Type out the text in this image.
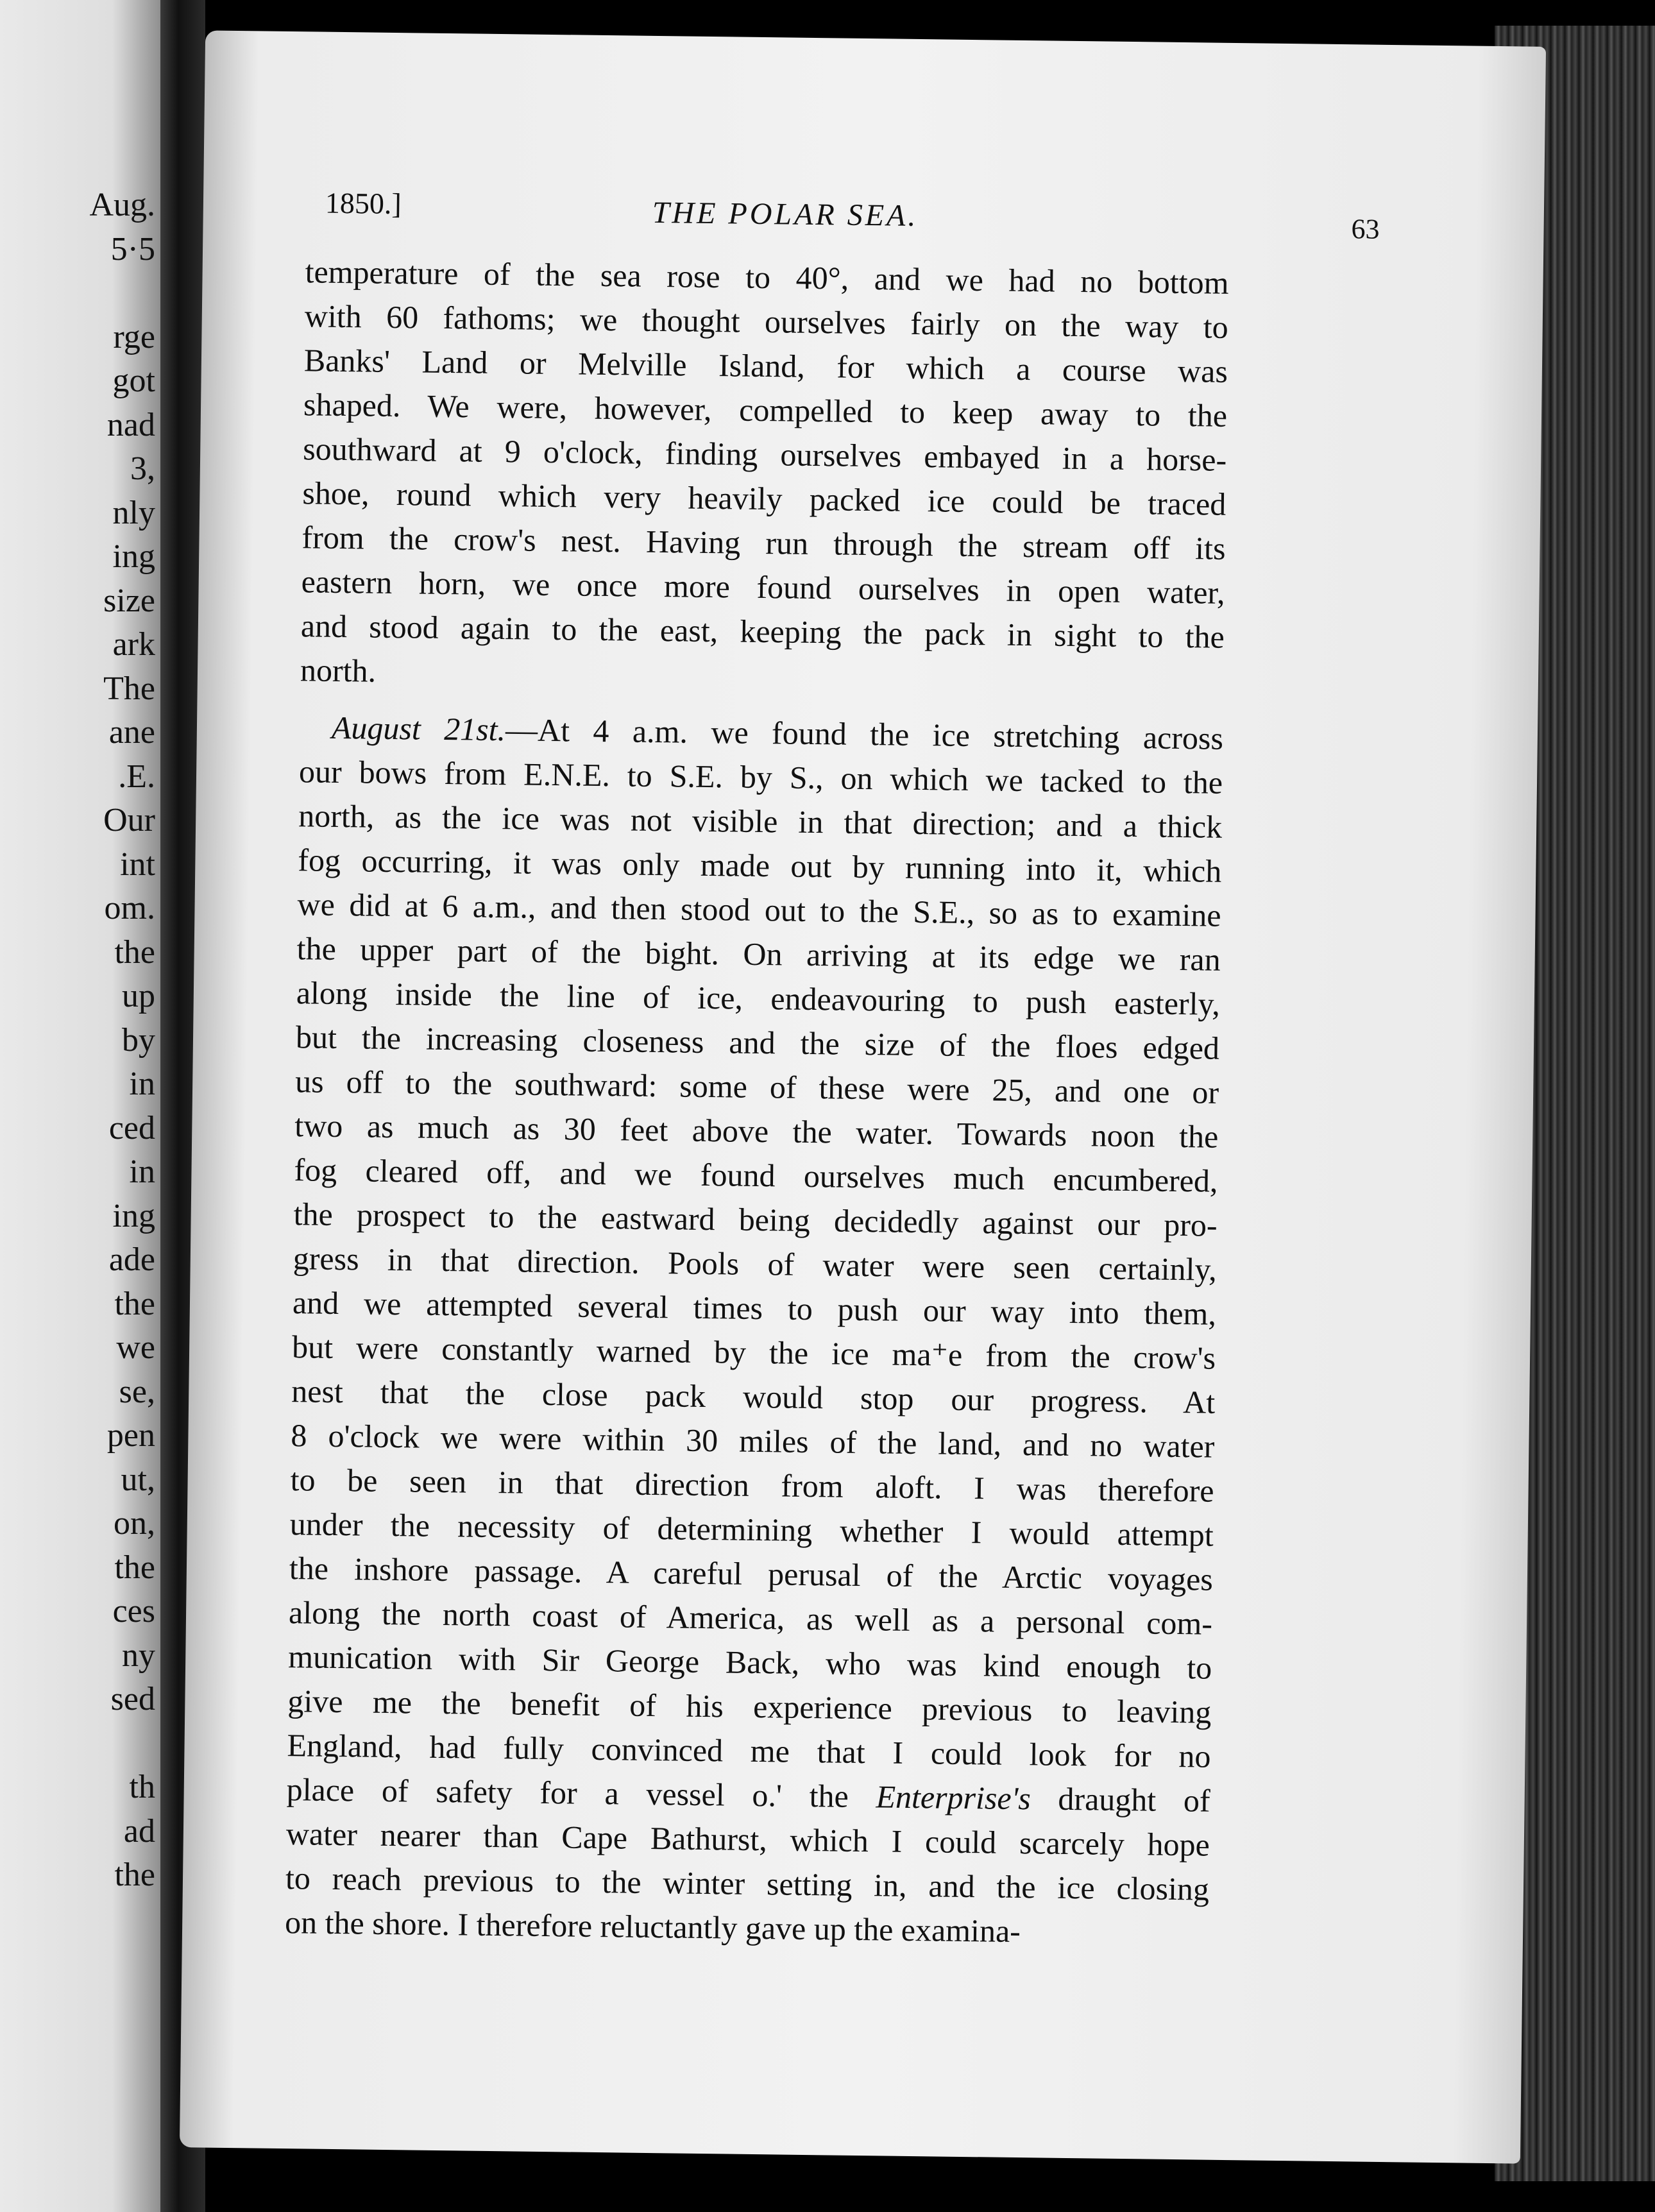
Aug.
5·5
rge
got
nad
3,
nly
ing
size
ark
The
ane
.E.
Our
int
om.
the
up
by
in
ced
in
ing
ade
the
we
se,
pen
ut,
on,
the
ces
ny
sed
th
ad
the
1850.]	THE POLAR SEA.	63
temperature of the sea rose to 40°, and we had no bottom
with 60 fathoms; we thought ourselves fairly on the way to
Banks' Land or Melville Island, for which a course was
shaped. We were, however, compelled to keep away to the
southward at 9 o'clock, finding ourselves embayed in a horse-
shoe, round which very heavily packed ice could be traced
from the crow's nest. Having run through the stream off its
eastern horn, we once more found ourselves in open water,
and stood again to the east, keeping the pack in sight to the
north.
August 21st.—At 4 a.m. we found the ice stretching across
our bows from E.N.E. to S.E. by S., on which we tacked to the
north, as the ice was not visible in that direction; and a thick
fog occurring, it was only made out by running into it, which
we did at 6 a.m., and then stood out to the S.E., so as to examine
the upper part of the bight. On arriving at its edge we ran
along inside the line of ice, endeavouring to push easterly,
but the increasing closeness and the size of the floes edged
us off to the southward: some of these were 25, and one or
two as much as 30 feet above the water. Towards noon the
fog cleared off, and we found ourselves much encumbered,
the prospect to the eastward being decidedly against our pro-
gress in that direction. Pools of water were seen certainly,
and we attempted several times to push our way into them,
but were constantly warned by the ice ma⁺e from the crow's
nest that the close pack would stop our progress. At
8 o'clock we were within 30 miles of the land, and no water
to be seen in that direction from aloft. I was therefore
under the necessity of determining whether I would attempt
the inshore passage. A careful perusal of the Arctic voyages
along the north coast of America, as well as a personal com-
munication with Sir George Back, who was kind enough to
give me the benefit of his experience previous to leaving
England, had fully convinced me that I could look for no
place of safety for a vessel o.' the Enterprise's draught of
water nearer than Cape Bathurst, which I could scarcely hope
to reach previous to the winter setting in, and the ice closing
on the shore. I therefore reluctantly gave up the examina-
